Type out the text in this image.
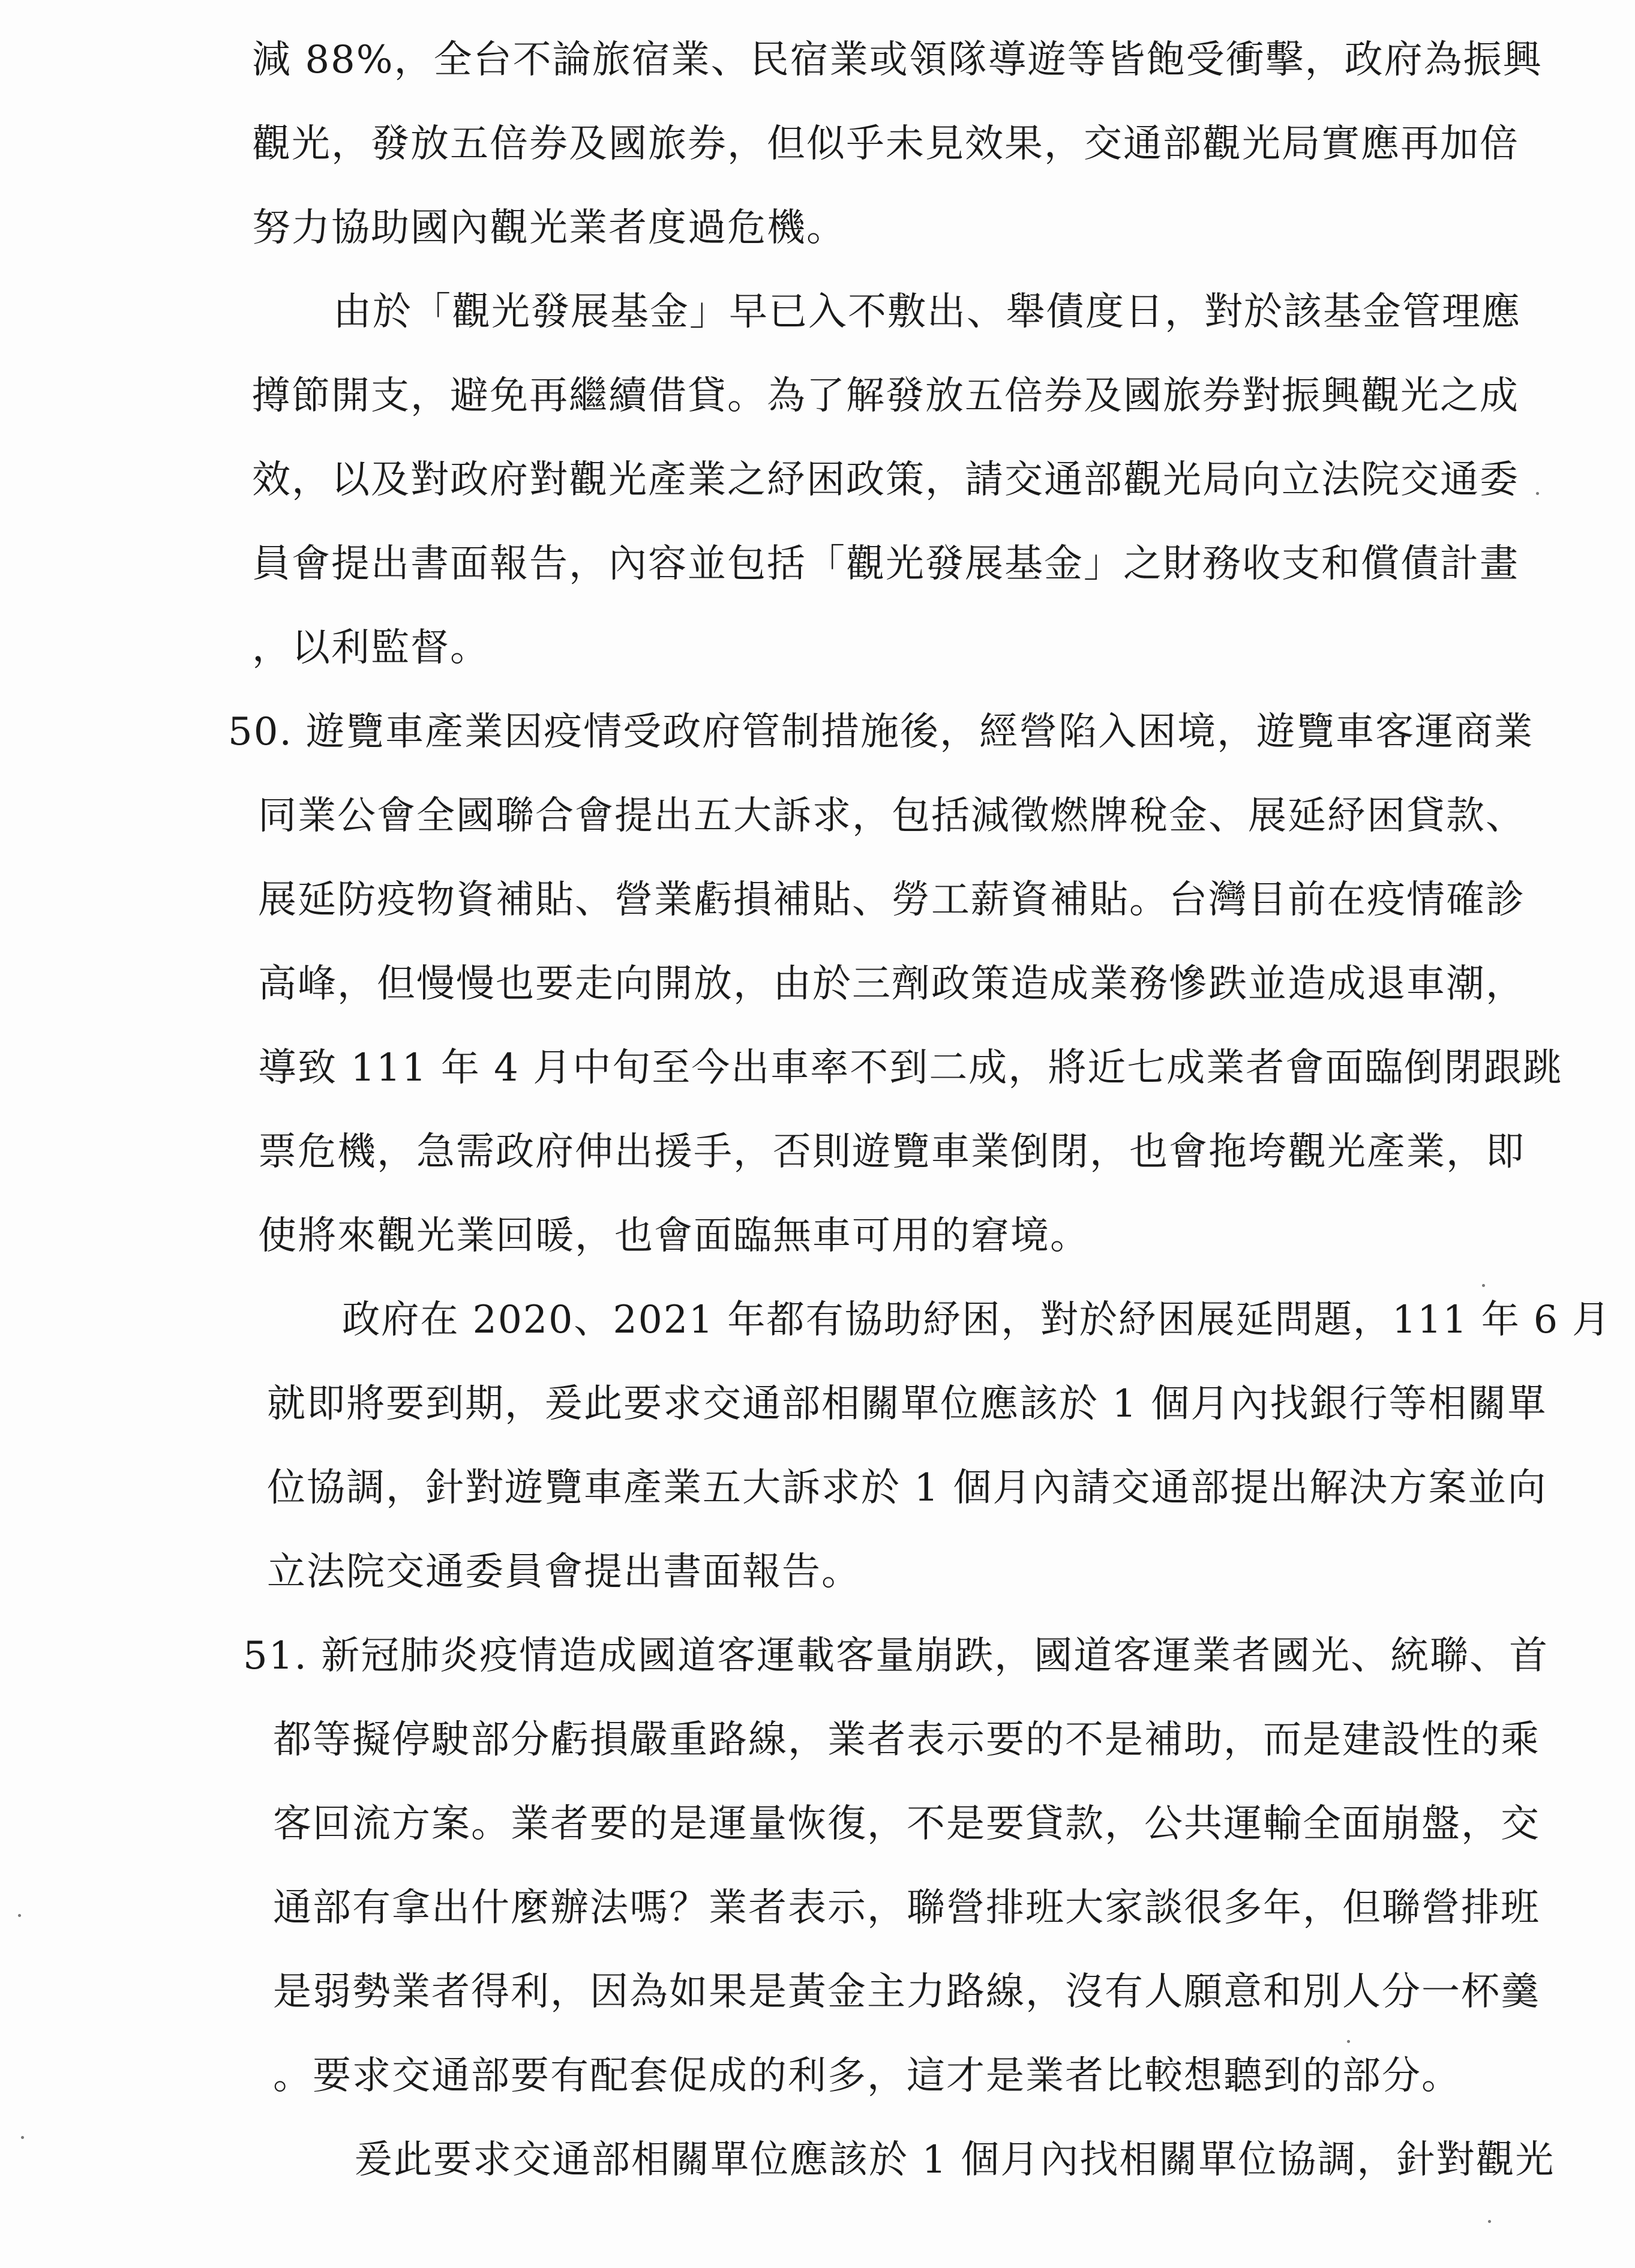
減 88%，全台不論旅宿業、民宿業或領隊導遊等皆飽受衝擊，政府為振興
觀光，發放五倍券及國旅券，但似乎未見效果，交通部觀光局實應再加倍
努力協助國內觀光業者度過危機。
由於「觀光發展基金」早已入不敷出、舉債度日，對於該基金管理應
撙節開支，避免再繼續借貸。為了解發放五倍券及國旅券對振興觀光之成
效，以及對政府對觀光產業之紓困政策，請交通部觀光局向立法院交通委
員會提出書面報告，內容並包括「觀光發展基金」之財務收支和償債計畫
，以利監督。
50. 遊覽車產業因疫情受政府管制措施後，經營陷入困境，遊覽車客運商業
同業公會全國聯合會提出五大訴求，包括減徵燃牌稅金、展延紓困貸款、
展延防疫物資補貼、營業虧損補貼、勞工薪資補貼。台灣目前在疫情確診
高峰，但慢慢也要走向開放，由於三劑政策造成業務慘跌並造成退車潮，
導致 111 年 4 月中旬至今出車率不到二成，將近七成業者會面臨倒閉跟跳
票危機，急需政府伸出援手，否則遊覽車業倒閉，也會拖垮觀光產業，即
使將來觀光業回暖，也會面臨無車可用的窘境。
政府在 2020、2021 年都有協助紓困，對於紓困展延問題，111 年 6 月
就即將要到期，爰此要求交通部相關單位應該於 1 個月內找銀行等相關單
位協調，針對遊覽車產業五大訴求於 1 個月內請交通部提出解決方案並向
立法院交通委員會提出書面報告。
51. 新冠肺炎疫情造成國道客運載客量崩跌，國道客運業者國光、統聯、首
都等擬停駛部分虧損嚴重路線，業者表示要的不是補助，而是建設性的乘
客回流方案。業者要的是運量恢復，不是要貸款，公共運輸全面崩盤，交
通部有拿出什麼辦法嗎？業者表示，聯營排班大家談很多年，但聯營排班
是弱勢業者得利，因為如果是黃金主力路線，沒有人願意和別人分一杯羹
。要求交通部要有配套促成的利多，這才是業者比較想聽到的部分。
爰此要求交通部相關單位應該於 1 個月內找相關單位協調，針對觀光
